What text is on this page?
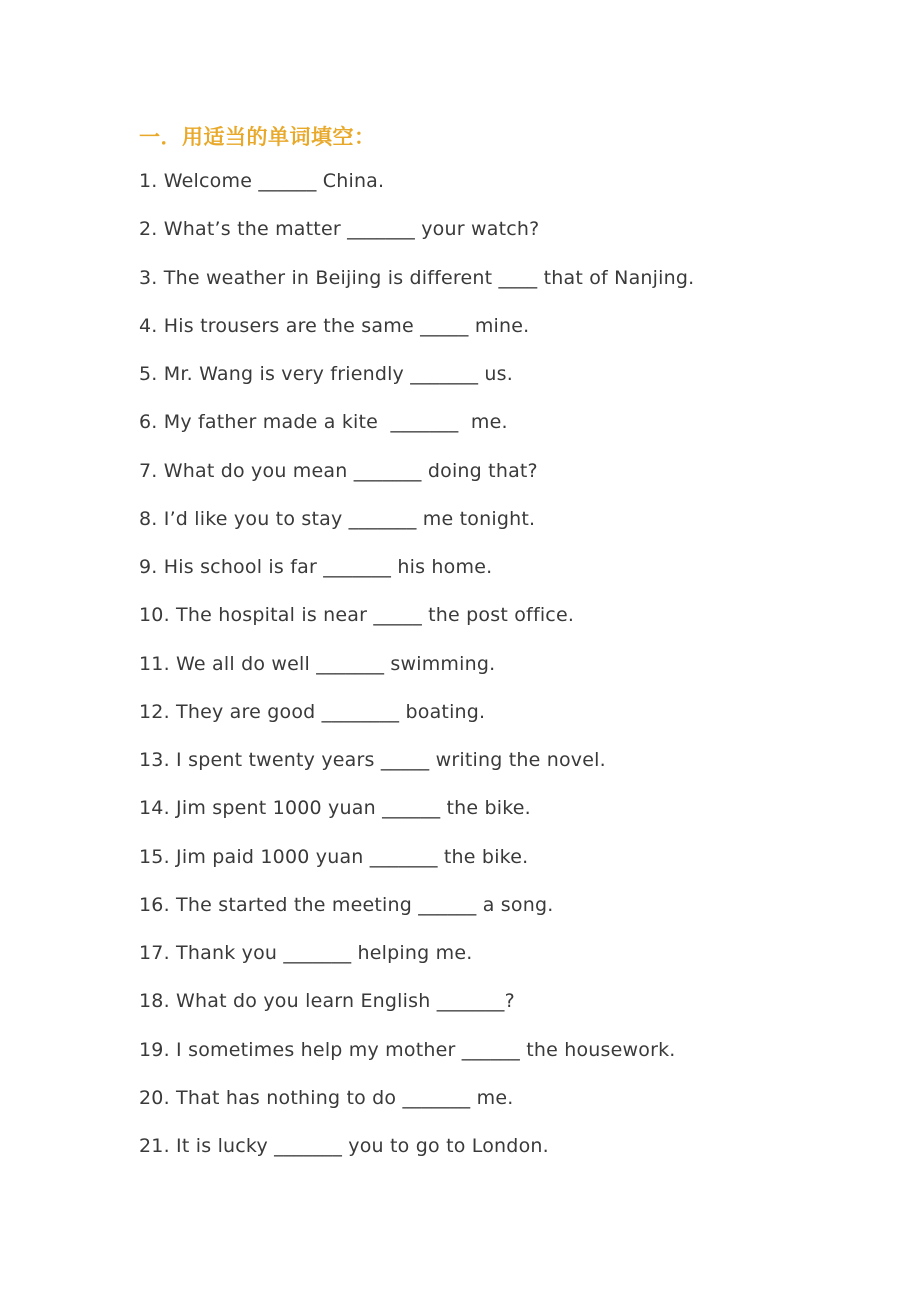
一．用适当的单词填空：
1. Welcome ______ China.
2. What’s the matter _______ your watch?
3. The weather in Beijing is different ____ that of Nanjing.
4. His trousers are the same _____ mine.
5. Mr. Wang is very friendly _______ us.
6. My father made a kite  _______  me.
7. What do you mean _______ doing that?
8. I’d like you to stay _______ me tonight.
9. His school is far _______ his home.
10. The hospital is near _____ the post office.
11. We all do well _______ swimming.
12. They are good ________ boating.
13. I spent twenty years _____ writing the novel.
14. Jim spent 1000 yuan ______ the bike.
15. Jim paid 1000 yuan _______ the bike.
16. The started the meeting ______ a song.
17. Thank you _______ helping me.
18. What do you learn English _______?
19. I sometimes help my mother ______ the housework.
20. That has nothing to do _______ me.
21. It is lucky _______ you to go to London.
